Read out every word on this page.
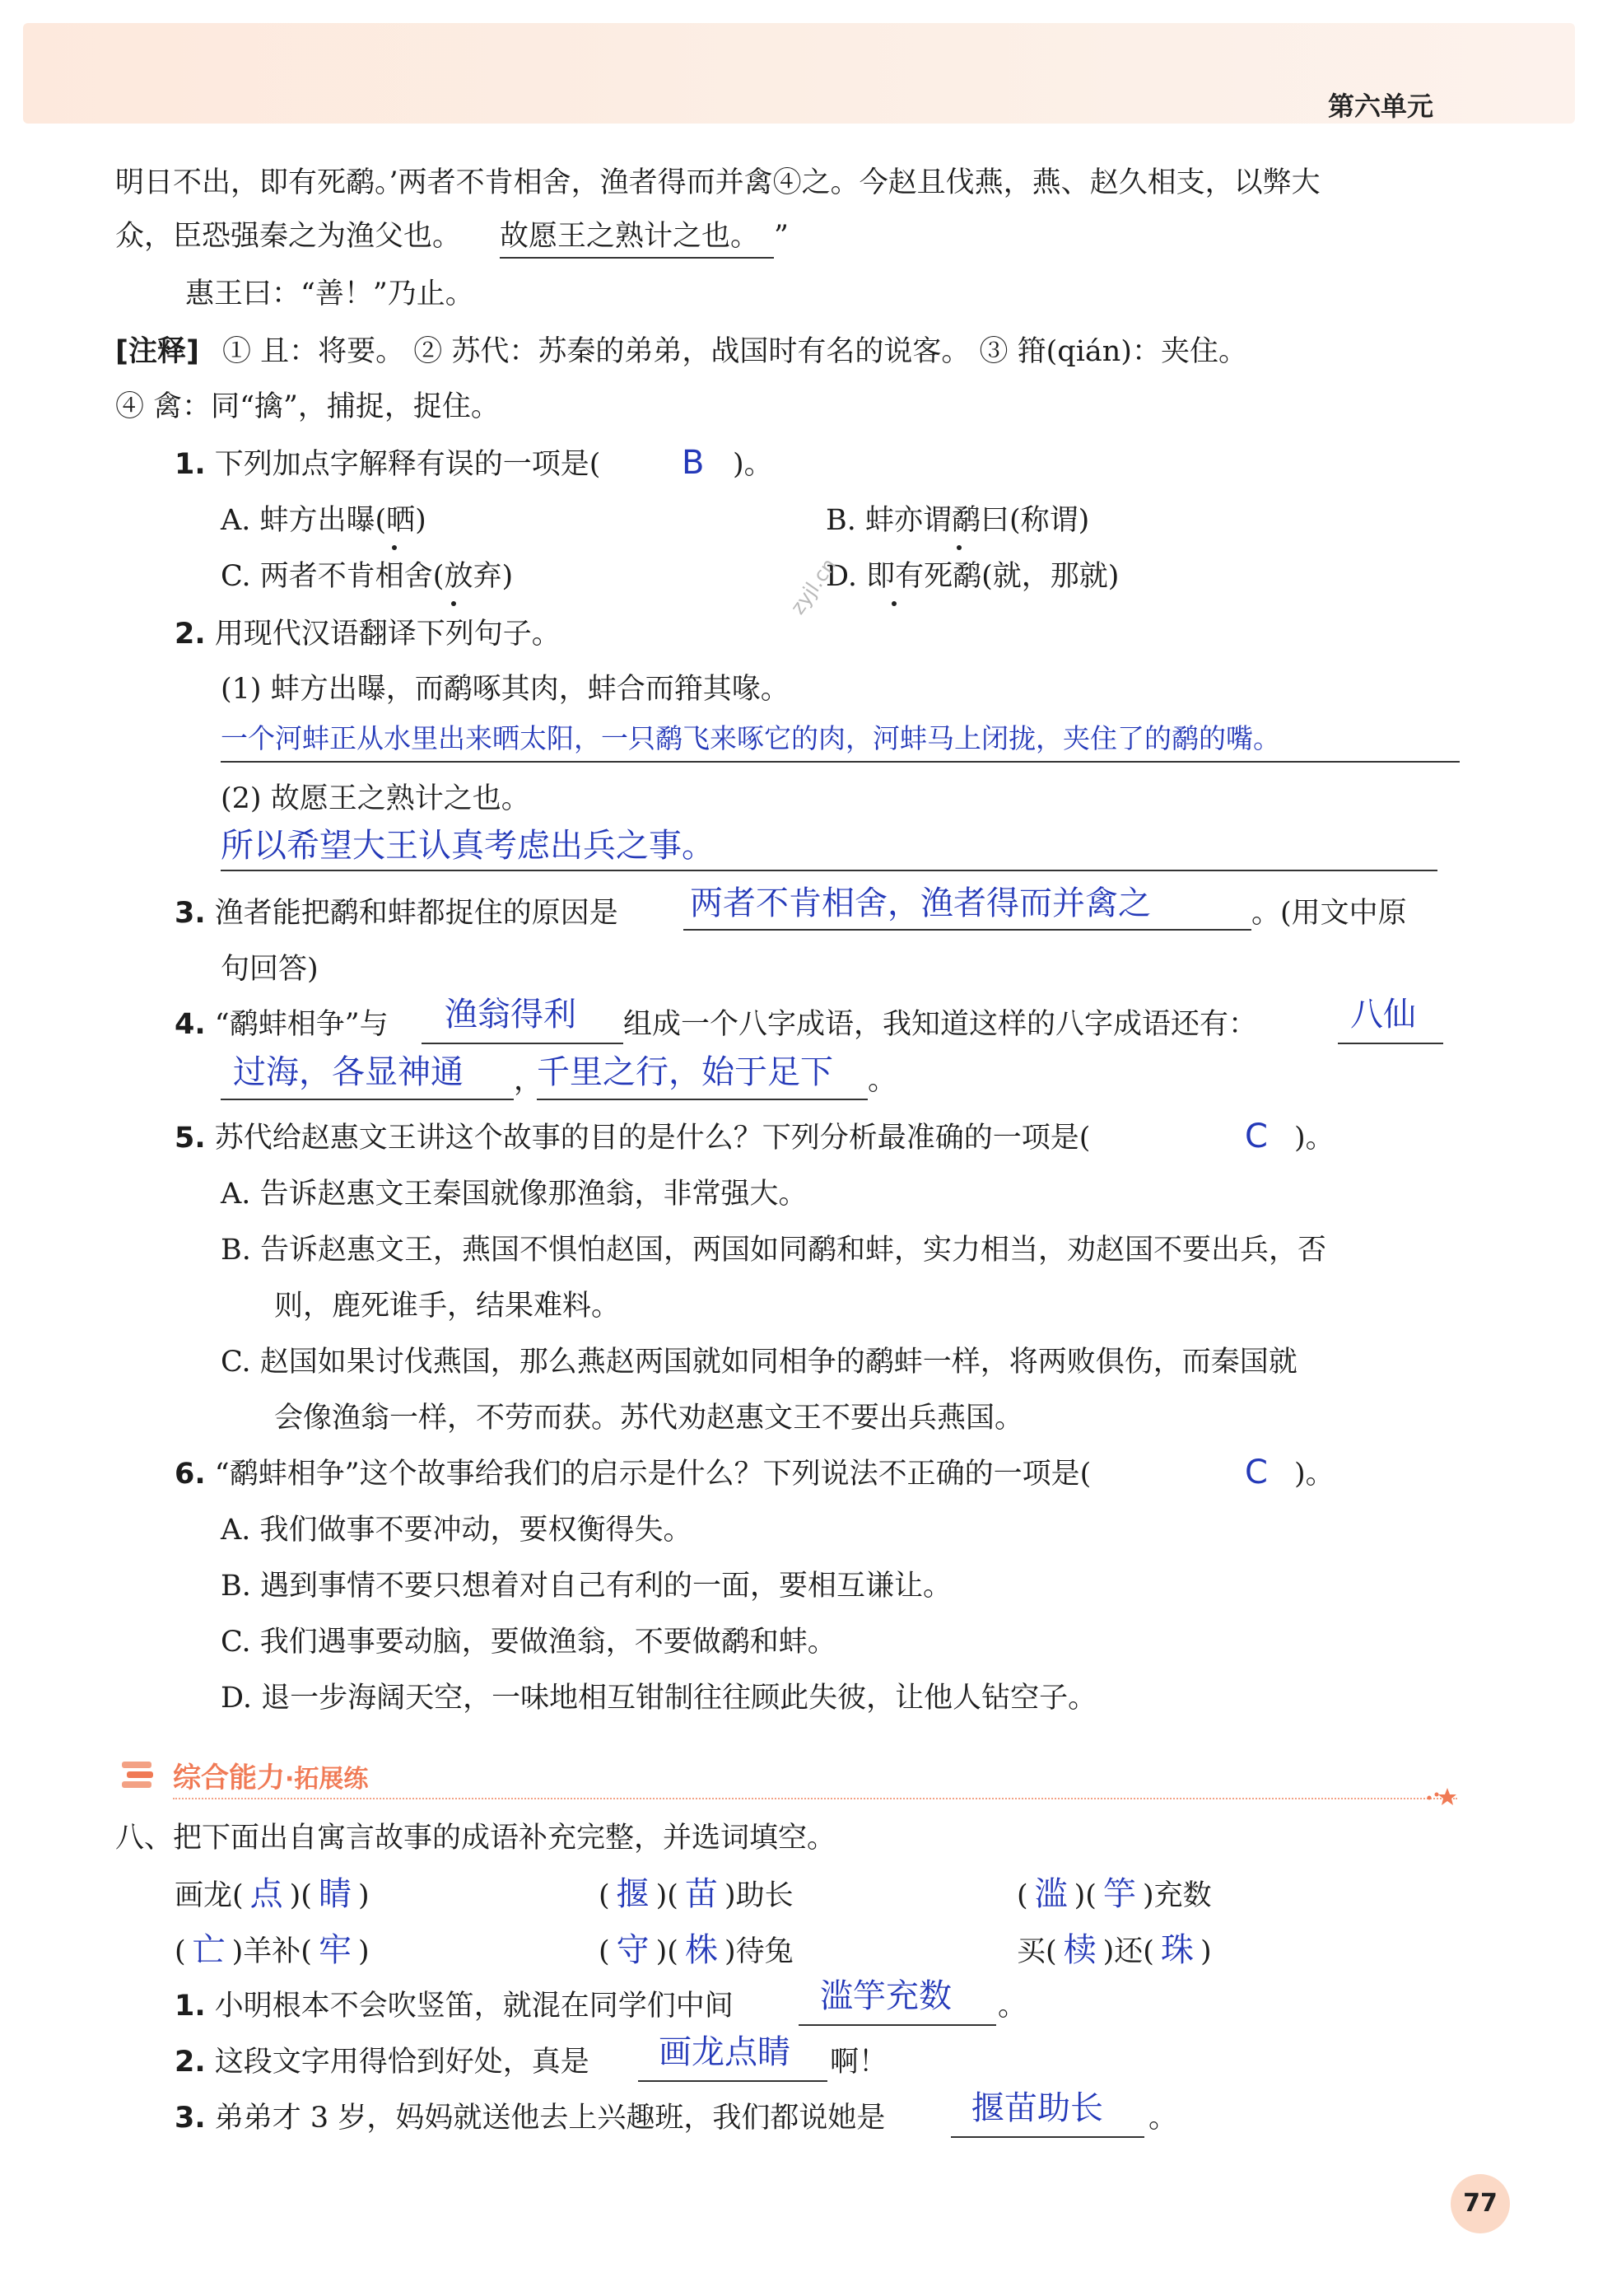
第六单元
明日不出，即有死鹬。’两者不肯相舍，渔者得而并禽④之。今赵且伐燕，燕、赵久相支，以弊大
众，臣恐强秦之为渔父也。 故愿王之熟计之也。 ”
惠王曰：“善！”乃止。
[注释] ① 且：将要。 ② 苏代：苏秦的弟弟，战国时有名的说客。 ③ 箝(qián)：夹住。
④ 禽：同“擒”，捕捉，捉住。
1. 下列加点字解释有误的一项是( B )。
A. 蚌方出曝(晒)	B. 蚌亦谓鹬曰(称谓)
C. 两者不肯相舍(放弃)	D. 即有死鹬(就，那就)
zyjl.cn
2. 用现代汉语翻译下列句子。
(1) 蚌方出曝，而鹬啄其肉，蚌合而箝其喙。
一个河蚌正从水里出来晒太阳，一只鹬飞来啄它的肉，河蚌马上闭拢，夹住了的鹬的嘴。
(2) 故愿王之熟计之也。
所以希望大王认真考虑出兵之事。
3. 渔者能把鹬和蚌都捉住的原因是 两者不肯相舍，渔者得而并禽之	。(用文中原
句回答)
4. “鹬蚌相争”与 渔翁得利 组成一个八字成语，我知道这样的八字成语还有：	八仙
过海，各显神通 ，
千里之行，始于足下 。
5. 苏代给赵惠文王讲这个故事的目的是什么？下列分析最准确的一项是(	C )。
A. 告诉赵惠文王秦国就像那渔翁，非常强大。
B. 告诉赵惠文王，燕国不惧怕赵国，两国如同鹬和蚌，实力相当，劝赵国不要出兵，否
则，鹿死谁手，结果难料。
C. 赵国如果讨伐燕国，那么燕赵两国就如同相争的鹬蚌一样，将两败俱伤，而秦国就
会像渔翁一样，不劳而获。苏代劝赵惠文王不要出兵燕国。
6. “鹬蚌相争”这个故事给我们的启示是什么？下列说法不正确的一项是(	C )。
A. 我们做事不要冲动，要权衡得失。
B. 遇到事情不要只想着对自己有利的一面，要相互谦让。
C. 我们遇事要动脑，要做渔翁，不要做鹬和蚌。
D. 退一步海阔天空，一味地相互钳制往往顾此失彼，让他人钻空子。
综合能力·拓展练
八、把下面出自寓言故事的成语补充完整，并选词填空。
画龙( 点 )( 睛 )	( 揠 )( 苗 )助长	( 滥 )( 竽 )充数
( 亡 )羊补( 牢 )	( 守 )( 株 )待兔	买( 椟 )还( 珠 )
1. 小明根本不会吹竖笛，就混在同学们中间	滥竽充数 。
2. 这段文字用得恰到好处，真是 画龙点睛 啊！
3. 弟弟才 3 岁，妈妈就送他去上兴趣班，我们都说她是	揠苗助长 。
77
